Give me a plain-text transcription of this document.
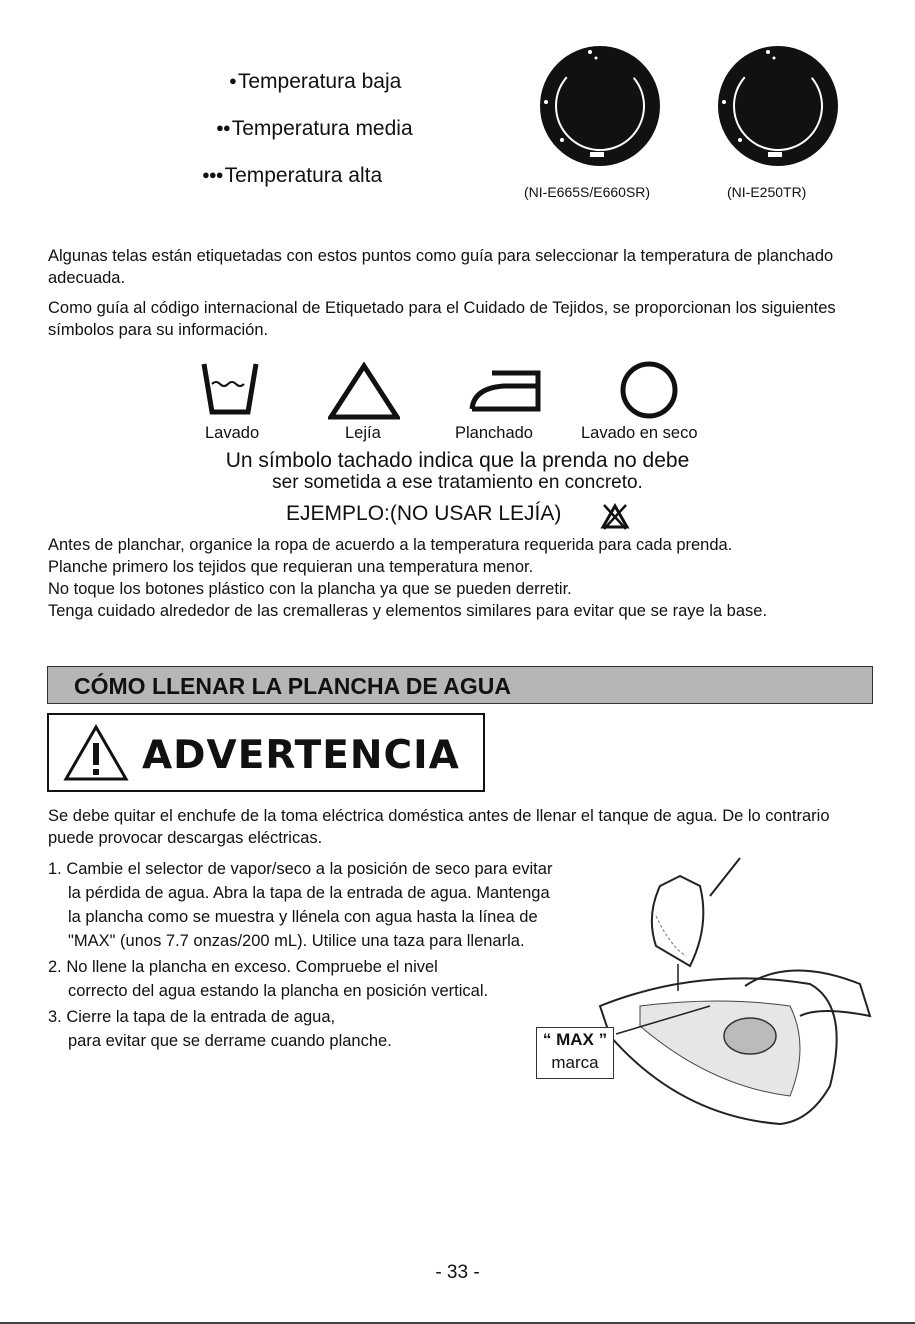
●Temperatura baja
●●Temperatura media
●●●Temperatura alta
(NI-E665S/E660SR)	(NI-E250TR)
Algunas telas están etiquetadas con estos puntos como guía para seleccionar la temperatura de planchado adecuada.
Como guía al código internacional de Etiquetado para el Cuidado de Tejidos, se proporcionan los siguientes símbolos para su información.
Lavado	Lejía	Planchado	Lavado en seco
Un símbolo tachado indica que la prenda no debe
ser sometida a ese tratamiento en concreto.
EJEMPLO:(NO USAR LEJÍA)
Antes de planchar, organice la ropa de acuerdo a la temperatura requerida para cada prenda.
Planche primero los tejidos que requieran una temperatura menor.
No toque los botones plástico con la plancha ya que se pueden derretir.
Tenga cuidado alrededor de las cremalleras y elementos similares para evitar que se raye la base.
CÓMO LLENAR LA PLANCHA DE AGUA
ADVERTENCIA
Se debe quitar el enchufe de la toma eléctrica doméstica antes de llenar el tanque de agua. De lo contrario puede provocar descargas eléctricas.
1. Cambie el selector de vapor/seco a la posición de seco para evitar
la pérdida de agua. Abra la tapa de la entrada de agua. Mantenga
la plancha como se muestra y llénela con agua hasta la línea de
"MAX" (unos 7.7 onzas/200 mL). Utilice una taza para llenarla.
2. No llene la plancha en exceso. Compruebe el nivel
correcto del agua estando la plancha en posición vertical.
3. Cierre la tapa de la entrada de agua,
para evitar que se derrame cuando planche.	“ MAX ”
marca
- 33 -
